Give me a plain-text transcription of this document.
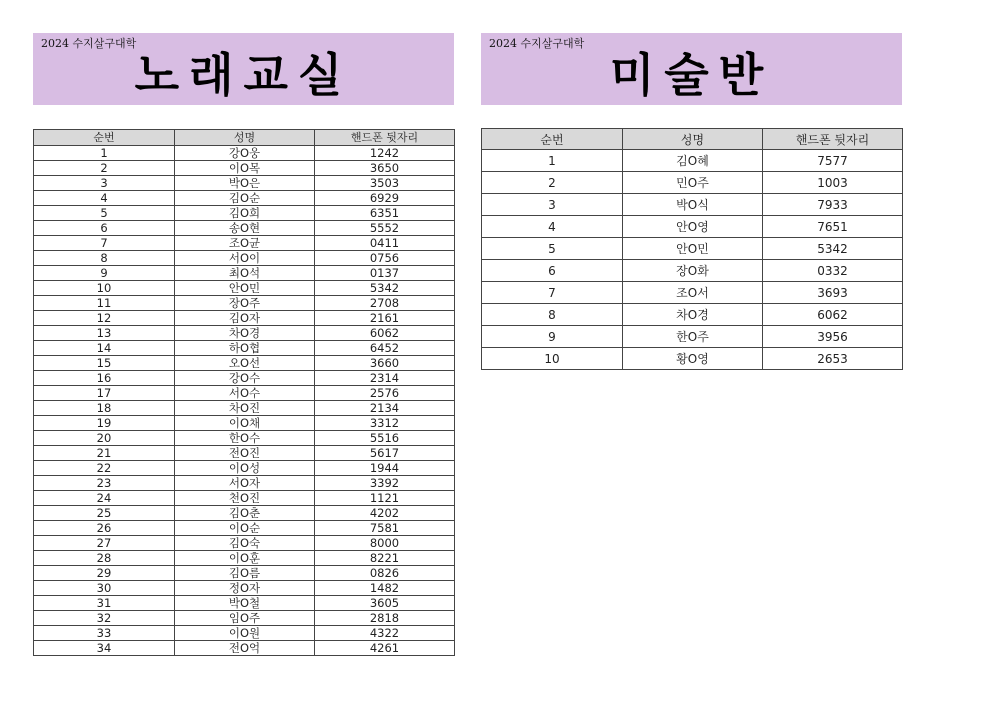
2024 수지살구대학
노래교실
2024 수지살구대학
미술반
순번	성명	핸드폰 뒷자리
1	강O웅	1242
2	이O목	3650
3	박O은	3503
4	김O순	6929
5	김O희	6351
6	송O현	5552
7	조O균	0411
8	서O이	0756
9	최O석	0137
10	안O민	5342
11	장O주	2708
12	김O자	2161
13	차O경	6062
14	하O협	6452
15	오O선	3660
16	강O수	2314
17	서O수	2576
18	차O진	2134
19	이O채	3312
20	한O수	5516
21	전O진	5617
22	이O성	1944
23	서O자	3392
24	천O진	1121
25	김O춘	4202
26	이O순	7581
27	김O숙	8000
28	이O훈	8221
29	김O름	0826
30	정O자	1482
31	박O철	3605
32	임O주	2818
33	이O원	4322
34	전O억	4261
순번	성명	핸드폰 뒷자리
1	김O혜	7577
2	민O주	1003
3	박O식	7933
4	안O영	7651
5	안O민	5342
6	장O화	0332
7	조O서	3693
8	차O경	6062
9	한O주	3956
10	황O영	2653
